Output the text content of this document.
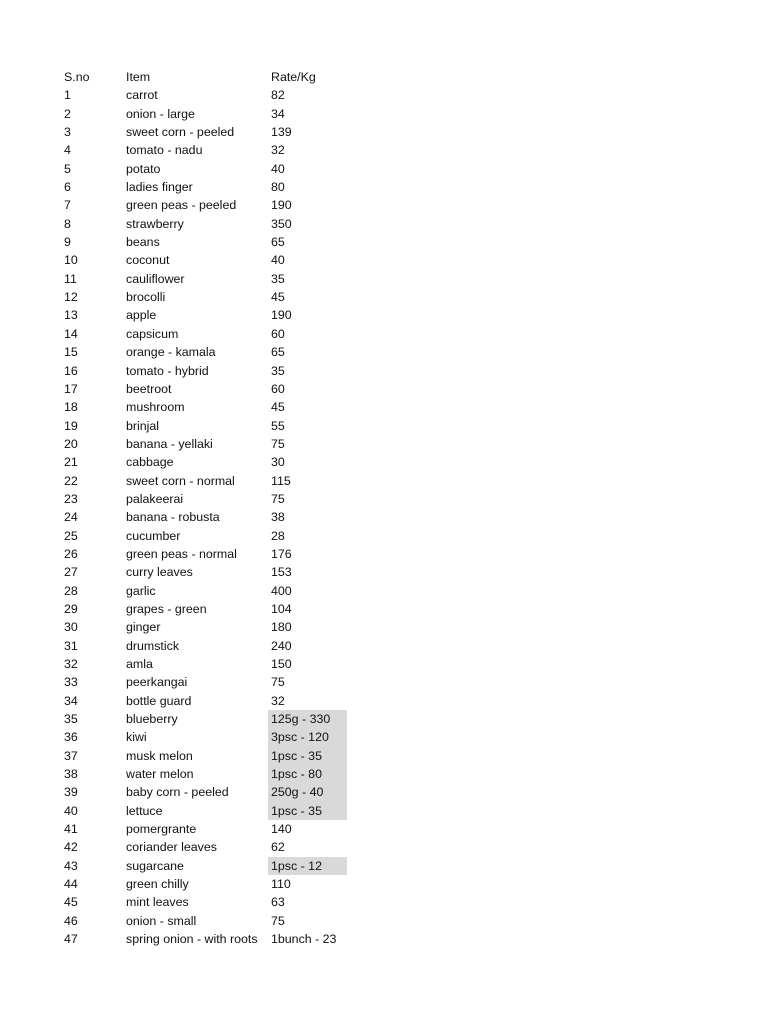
S.no	Item	Rate/Kg
1	carrot	82
2	onion - large	34
3	sweet corn - peeled	139
4	tomato - nadu	32
5	potato	40
6	ladies finger	80
7	green peas - peeled	190
8	strawberry	350
9	beans	65
10	coconut	40
11	cauliflower	35
12	brocolli	45
13	apple	190
14	capsicum	60
15	orange - kamala	65
16	tomato - hybrid	35
17	beetroot	60
18	mushroom	45
19	brinjal	55
20	banana - yellaki	75
21	cabbage	30
22	sweet corn - normal	115
23	palakeerai	75
24	banana - robusta	38
25	cucumber	28
26	green peas - normal	176
27	curry leaves	153
28	garlic	400
29	grapes - green	104
30	ginger	180
31	drumstick	240
32	amla	150
33	peerkangai	75
34	bottle guard	32
35	blueberry	125g - 330
36	kiwi	3psc - 120
37	musk melon	1psc - 35
38	water melon	1psc - 80
39	baby corn - peeled	250g - 40
40	lettuce	1psc - 35
41	pomergrante	140
42	coriander leaves	62
43	sugarcane	1psc - 12
44	green chilly	110
45	mint leaves	63
46	onion - small	75
47	spring onion - with roots	1bunch - 23
